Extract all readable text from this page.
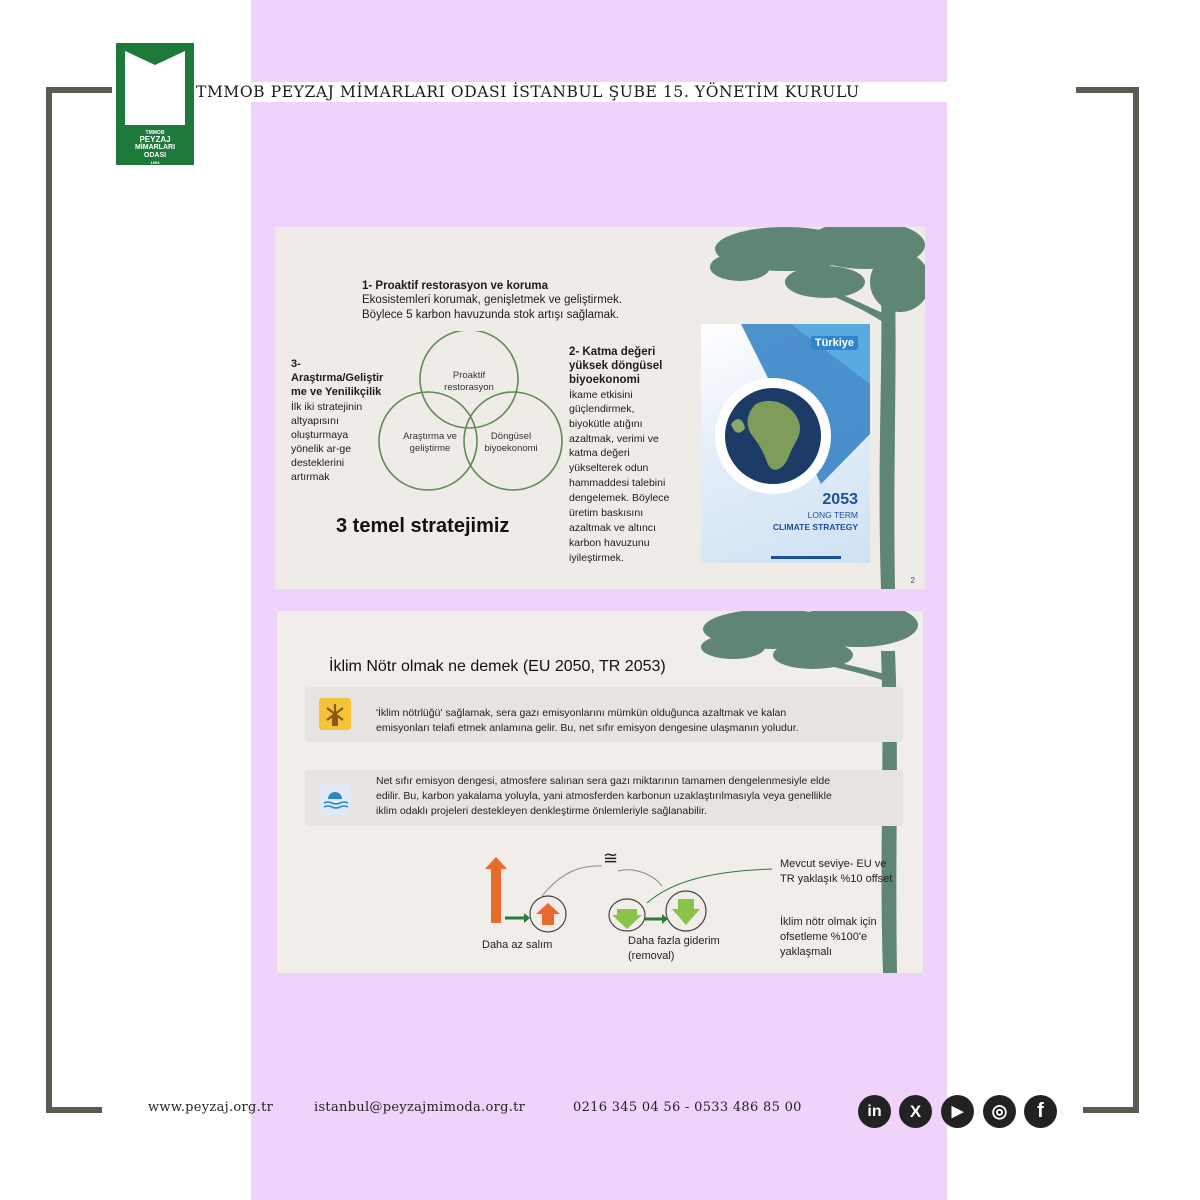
TMMOB
PEYZAJ
MİMARLARI
ODASI
1994
TMMOB PEYZAJ MİMARLARI ODASI İSTANBUL ŞUBE 15. YÖNETİM KURULU
1- Proaktif restorasyon ve koruma
Ekosistemleri korumak, genişletmek ve geliştirmek.
Böylece 5 karbon havuzunda stok artışı sağlamak.
3-
Araştırma/Geliştir
me ve Yenilikçilik
İlk iki stratejinin
altyapısını
oluşturmaya
yönelik ar-ge
desteklerini
artırmak
Proaktif
restorasyon
Araştırma ve
geliştirme
Döngüsel
biyoekonomi
2- Katma değeri
yüksek döngüsel
biyoekonomi
İkame etkisini
güçlendirmek,
biyokütle atığını
azaltmak, verimi ve
katma değeri
yükselterek odun
hammaddesi talebini
dengelemek. Böylece
üretim baskısını
azaltmak ve altıncı
karbon havuzunu
iyileştirmek.
3 temel stratejimiz
Türkiye
2053
LONG TERM
CLIMATE STRATEGY
2
İklim Nötr olmak ne demek (EU 2050, TR 2053)
'İklim nötrlüğü' sağlamak, sera gazı emisyonlarını mümkün olduğunca azaltmak ve kalan
emisyonları telafi etmek anlamına gelir. Bu, net sıfır emisyon dengesine ulaşmanın yoludur.
Net sıfır emisyon dengesi, atmosfere salınan sera gazı miktarının tamamen dengelenmesiyle elde
edilir. Bu, karbon yakalama yoluyla, yani atmosferden karbonun uzaklaştırılmasıyla veya genellikle
iklim odaklı projeleri destekleyen denkleştirme önlemleriyle sağlanabilir.
≅
Daha az salım	Daha fazla giderim
(removal)
Mevcut seviye- EU ve
TR yaklaşık %10 offset
İklim nötr olmak için
ofsetleme %100'e
yaklaşmalı
www.peyzaj.org.tr	istanbul@peyzajmimoda.org.tr	0216 345 04 56 - 0533 486 85 00	in	X	▶	◎	f
